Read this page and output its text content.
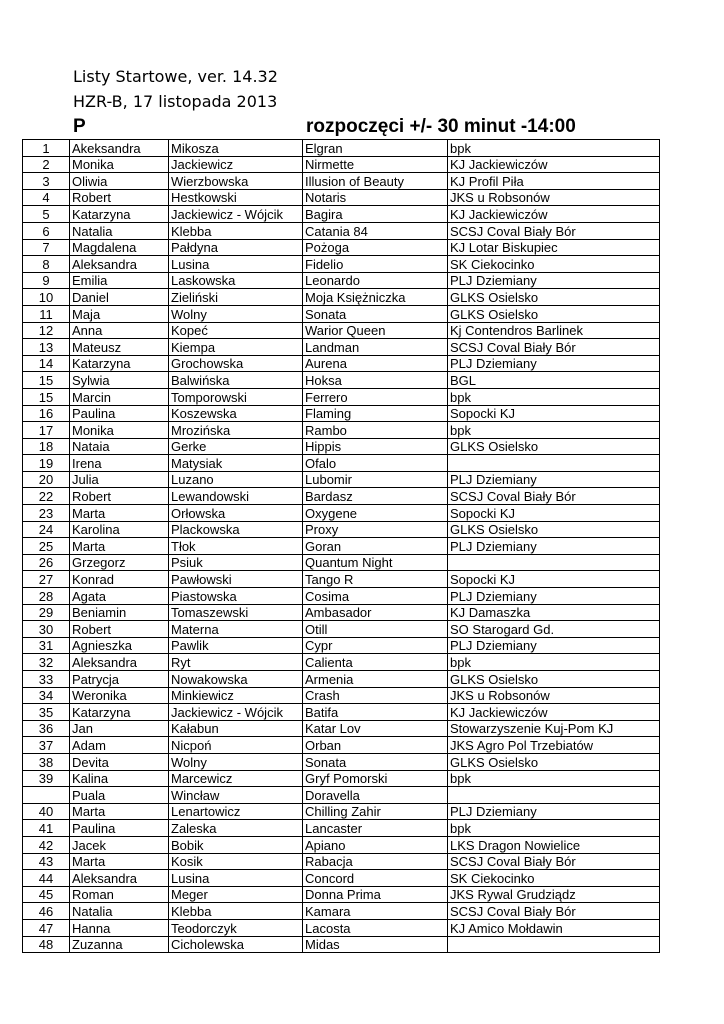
Listy Startowe, ver. 14.32
HZR-B, 17 listopada 2013
P	rozpoczęci +/- 30 minut -14:00
1	Akeksandra	Mikosza	Elgran	bpk
2	Monika	Jackiewicz	Nirmette	KJ Jackiewiczów
3	Oliwia	Wierzbowska	Illusion of Beauty	KJ Profil Piła
4	Robert	Hestkowski	Notaris	JKS u Robsonów
5	Katarzyna	Jackiewicz - Wójcik	Bagira	KJ Jackiewiczów
6	Natalia	Klebba	Catania 84	SCSJ Coval Biały Bór
7	Magdalena	Pałdyna	Pożoga	KJ Lotar Biskupiec
8	Aleksandra	Lusina	Fidelio	SK Ciekocinko
9	Emilia	Laskowska	Leonardo	PLJ Dziemiany
10	Daniel	Zieliński	Moja Księżniczka	GLKS Osielsko
11	Maja	Wolny	Sonata	GLKS Osielsko
12	Anna	Kopeć	Warior Queen	Kj Contendros Barlinek
13	Mateusz	Kiempa	Landman	SCSJ Coval Biały Bór
14	Katarzyna	Grochowska	Aurena	PLJ Dziemiany
15	Sylwia	Balwińska	Hoksa	BGL
15	Marcin	Tomporowski	Ferrero	bpk
16	Paulina	Koszewska	Flaming	Sopocki KJ
17	Monika	Mrozińska	Rambo	bpk
18	Nataia	Gerke	Hippis	GLKS Osielsko
19	Irena	Matysiak	Ofalo	
20	Julia	Luzano	Lubomir	PLJ Dziemiany
22	Robert	Lewandowski	Bardasz	SCSJ Coval Biały Bór
23	Marta	Orłowska	Oxygene	Sopocki KJ
24	Karolina	Plackowska	Proxy	GLKS Osielsko
25	Marta	Tłok	Goran	PLJ Dziemiany
26	Grzegorz	Psiuk	Quantum Night	
27	Konrad	Pawłowski	Tango R	Sopocki KJ
28	Agata	Piastowska	Cosima	PLJ Dziemiany
29	Beniamin	Tomaszewski	Ambasador	KJ Damaszka
30	Robert	Materna	Otill	SO Starogard Gd.
31	Agnieszka	Pawlik	Cypr	PLJ Dziemiany
32	Aleksandra	Ryt	Calienta	bpk
33	Patrycja	Nowakowska	Armenia	GLKS Osielsko
34	Weronika	Minkiewicz	Crash	JKS u Robsonów
35	Katarzyna	Jackiewicz - Wójcik	Batifa	KJ Jackiewiczów
36	Jan	Kałabun	Katar Lov	Stowarzyszenie Kuj-Pom KJ
37	Adam	Nicpoń	Orban	JKS Agro Pol Trzebiatów
38	Devita	Wolny	Sonata	GLKS Osielsko
39	Kalina	Marcewicz	Gryf Pomorski	bpk
	Puala	Wincław	Doravella	
40	Marta	Lenartowicz	Chilling Zahir	PLJ Dziemiany
41	Paulina	Zaleska	Lancaster	bpk
42	Jacek	Bobik	Apiano	LKS Dragon Nowielice
43	Marta	Kosik	Rabacja	SCSJ Coval Biały Bór
44	Aleksandra	Lusina	Concord	SK Ciekocinko
45	Roman	Meger	Donna Prima	JKS Rywal Grudziądz
46	Natalia	Klebba	Kamara	SCSJ Coval Biały Bór
47	Hanna	Teodorczyk	Lacosta	KJ Amico Mołdawin
48	Zuzanna	Cicholewska	Midas	
